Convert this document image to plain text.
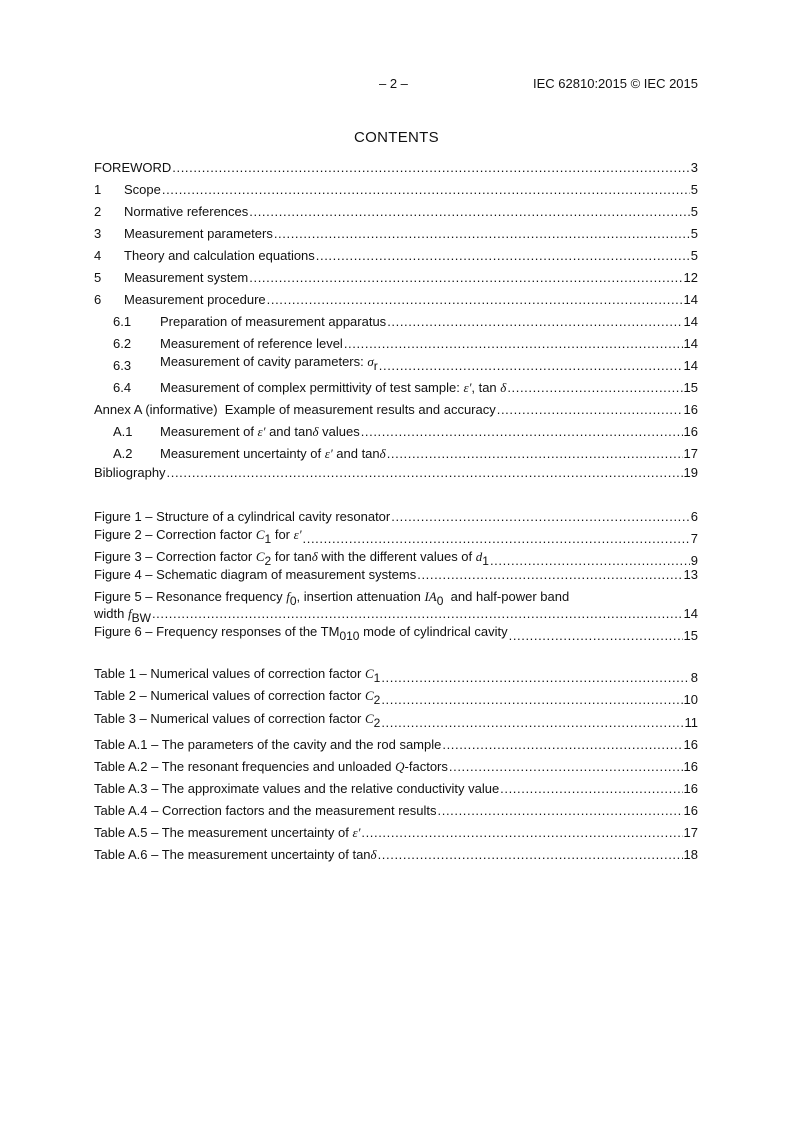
– 2 –	IEC 62810:2015 © IEC 2015
CONTENTS
FOREWORD .....	3
1	Scope .....	5
2	Normative references .....	5
3	Measurement parameters .....	5
4	Theory and calculation equations .....	5
5	Measurement system .....	12
6	Measurement procedure .....	14
6.1	Preparation of measurement apparatus .....	14
6.2	Measurement of reference level .....	14
6.3	Measurement of cavity parameters: $\sigma_r$ .....	14
6.4	Measurement of complex permittivity of test sample: ε', tan δ .....	15
Annex A (informative)  Example of measurement results and accuracy .....	16
A.1	Measurement of ε' and tanδ values .....	16
A.2	Measurement uncertainty of ε' and tanδ .....	17
Bibliography .....	19
Figure 1 – Structure of a cylindrical cavity resonator .....	6
Figure 2 – Correction factor $C_1$ for ε' .....	7
Figure 3 – Correction factor $C_2$ for tanδ with the different values of $d_1$ .....	9
Figure 4 – Schematic diagram of measurement systems .....	13
Figure 5 – Resonance frequency $f_0$, insertion attenuation $IA_0$  and half-power band
width $f_{BW}$ .....	14
Figure 6 – Frequency responses of the $TM_{010}$ mode of cylindrical cavity .....	15
Table 1 – Numerical values of correction factor $C_1$ .....	8
Table 2 – Numerical values of correction factor $C_2$ .....	10
Table 3 – Numerical values of correction factor $C_2$ .....	11
Table A.1 – The parameters of the cavity and the rod sample .....	16
Table A.2 – The resonant frequencies and unloaded Q-factors .....	16
Table A.3 – The approximate values and the relative conductivity value .....	16
Table A.4 – Correction factors and the measurement results .....	16
Table A.5 – The measurement uncertainty of ε' .....	17
Table A.6 – The measurement uncertainty of tanδ .....	18
